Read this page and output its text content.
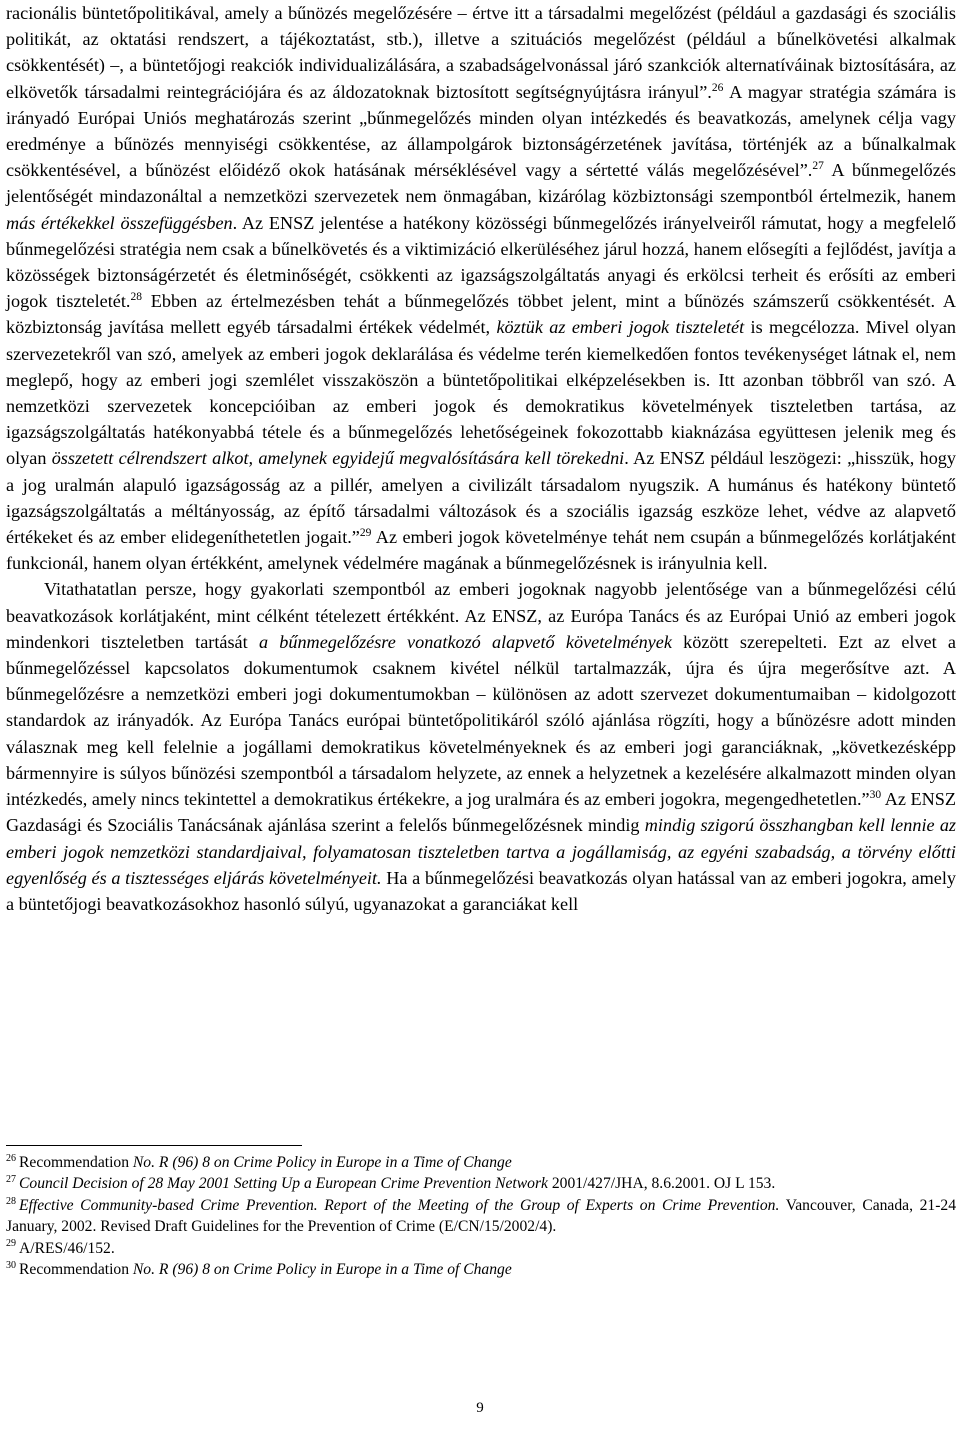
racionális büntetőpolitikával, amely a bűnözés megelőzésére – értve itt a társadalmi megelőzést (például a gazdasági és szociális politikát, az oktatási rendszert, a tájékoztatást, stb.), illetve a szituációs megelőzést (például a bűnelkövetési alkalmak csökkentését) –, a büntetőjogi reakciók individualizálására, a szabadságelvonással járó szankciók alternatíváinak biztosítására, az elkövetők társadalmi reintegrációjára és az áldozatoknak biztosított segítségnyújtásra irányul”.$^{26}$ A magyar stratégia számára is irányadó Európai Uniós meghatározás szerint „bűnmegelőzés minden olyan intézkedés és beavatkozás, amelynek célja vagy eredménye a bűnözés mennyiségi csökkentése, az állampolgárok biztonságérzetének javítása, történjék az a bűnalkalmak csökkentésével, a bűnözést előidéző okok hatásának mérséklésével vagy a sértetté válás megelőzésével”.$^{27}$ A bűnmegelőzés jelentőségét mindazonáltal a nemzetközi szervezetek nem önmagában, kizárólag közbiztonsági szempontból értelmezik, hanem más értékekkel összefüggésben. Az ENSZ jelentése a hatékony közösségi bűnmegelőzés irányelveiről rámutat, hogy a megfelelő bűnmegelőzési stratégia nem csak a bűnelkövetés és a viktimizáció elkerüléséhez járul hozzá, hanem elősegíti a fejlődést, javítja a közösségek biztonságérzetét és életminőségét, csökkenti az igazságszolgáltatás anyagi és erkölcsi terheit és erősíti az emberi jogok tiszteletét.$^{28}$ Ebben az értelmezésben tehát a bűnmegelőzés többet jelent, mint a bűnözés számszerű csökkentését. A közbiztonság javítása mellett egyéb társadalmi értékek védelmét, köztük az emberi jogok tiszteletét is megcélozza. Mivel olyan szervezetekről van szó, amelyek az emberi jogok deklarálása és védelme terén kiemelkedően fontos tevékenységet látnak el, nem meglepő, hogy az emberi jogi szemlélet visszaköszön a büntetőpolitikai elképzelésekben is. Itt azonban többről van szó. A nemzetközi szervezetek koncepcióiban az emberi jogok és demokratikus követelmények tiszteletben tartása, az igazságszolgáltatás hatékonyabbá tétele és a bűnmegelőzés lehetőségeinek fokozottabb kiaknázása együttesen jelenik meg és olyan összetett célrendszert alkot, amelynek egyidejű megvalósítására kell törekedni. Az ENSZ például leszögezi: „hisszük, hogy a jog uralmán alapuló igazságosság az a pillér, amelyen a civilizált társadalom nyugszik. A humánus és hatékony büntető igazságszolgáltatás a méltányosság, az építő társadalmi változások és a szociális igazság eszköze lehet, védve az alapvető értékeket és az ember elidegeníthetetlen jogait.”$^{29}$ Az emberi jogok követelménye tehát nem csupán a bűnmegelőzés korlátjaként funkcionál, hanem olyan értékként, amelynek védelmére magának a bűnmegelőzésnek is irányulnia kell.

Vitathatatlan persze, hogy gyakorlati szempontból az emberi jogoknak nagyobb jelentősége van a bűnmegelőzési célú beavatkozások korlátjaként, mint célként tételezett értékként. Az ENSZ, az Európa Tanács és az Európai Unió az emberi jogok mindenkori tiszteletben tartását a bűnmegelőzésre vonatkozó alapvető követelmények között szerepelteti. Ezt az elvet a bűnmegelőzéssel kapcsolatos dokumentumok csaknem kivétel nélkül tartalmazzák, újra és újra megerősítve azt. A bűnmegelőzésre a nemzetközi emberi jogi dokumentumokban – különösen az adott szervezet dokumentumaiban – kidolgozott standardok az irányadók. Az Európa Tanács európai büntetőpolitikáról szóló ajánlása rögzíti, hogy a bűnözésre adott minden válasznak meg kell felelnie a jogállami demokratikus követelményeknek és az emberi jogi garanciáknak, „következésképp bármennyire is súlyos bűnözési szempontból a társadalom helyzete, az ennek a helyzetnek a kezelésére alkalmazott minden olyan intézkedés, amely nincs tekintettel a demokratikus értékekre, a jog uralmára és az emberi jogokra, megengedhetetlen.”$^{30}$ Az ENSZ Gazdasági és Szociális Tanácsának ajánlása szerint a felelős bűnmegelőzésnek mindig mindig szigorú összhangban kell lennie az emberi jogok nemzetközi standardjaival, folyamatosan tiszteletben tartva a jogállamiság, az egyéni szabadság, a törvény előtti egyenlőség és a tisztességes eljárás követelményeit. Ha a bűnmegelőzési beavatkozás olyan hatással van az emberi jogokra, amely a büntetőjogi beavatkozásokhoz hasonló súlyú, ugyanazokat a garanciákat kell

$^{26}$ Recommendation No. R (96) 8 on Crime Policy in Europe in a Time of Change

$^{27}$ Council Decision of 28 May 2001 Setting Up a European Crime Prevention Network 2001/427/JHA, 8.6.2001. OJ L 153.

$^{28}$ Effective Community-based Crime Prevention. Report of the Meeting of the Group of Experts on Crime Prevention. Vancouver, Canada, 21-24 January, 2002. Revised Draft Guidelines for the Prevention of Crime (E/CN/15/2002/4).

$^{29}$ A/RES/46/152.

$^{30}$ Recommendation No. R (96) 8 on Crime Policy in Europe in a Time of Change

9
